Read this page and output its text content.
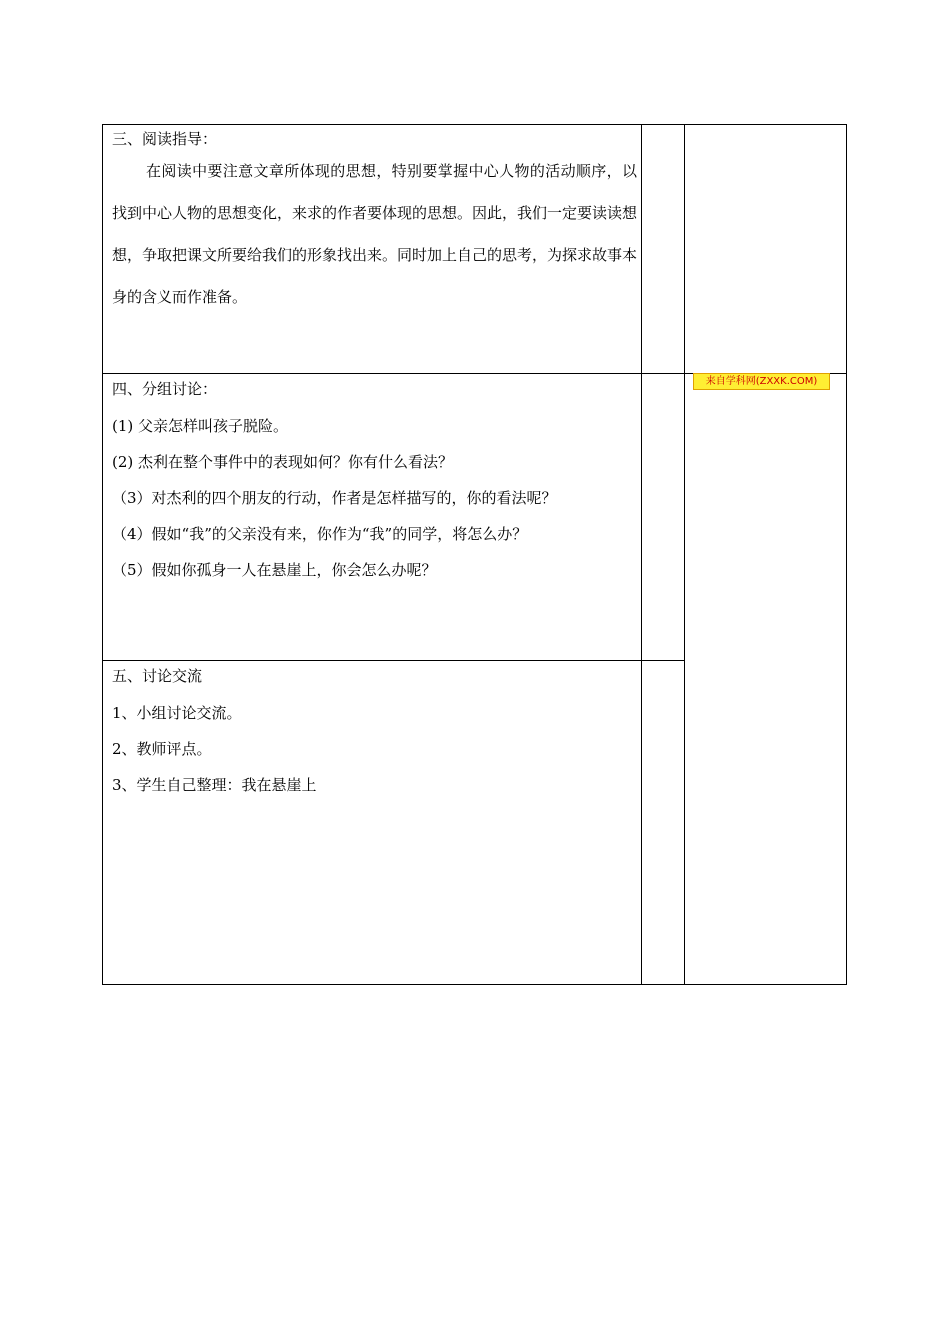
三、阅读指导：
在阅读中要注意文章所体现的思想，特别要掌握中心人物的活动顺序，以找到中心人物的思想变化，来求的作者要体现的思想。因此，我们一定要读读想想，争取把课文所要给我们的形象找出来。同时加上自己的思考，为探求故事本身的含义而作准备。
四、分组讨论：
(1) 父亲怎样叫孩子脱险。
(2) 杰利在整个事件中的表现如何？你有什么看法？
（3）对杰利的四个朋友的行动，作者是怎样描写的，你的看法呢？
（4）假如“我”的父亲没有来，你作为“我”的同学，将怎么办？
（5）假如你孤身一人在悬崖上，你会怎么办呢？
五、讨论交流
1、小组讨论交流。
2、教师评点。
3、学生自己整理：我在悬崖上
来自学科网(ZXXK.COM)
